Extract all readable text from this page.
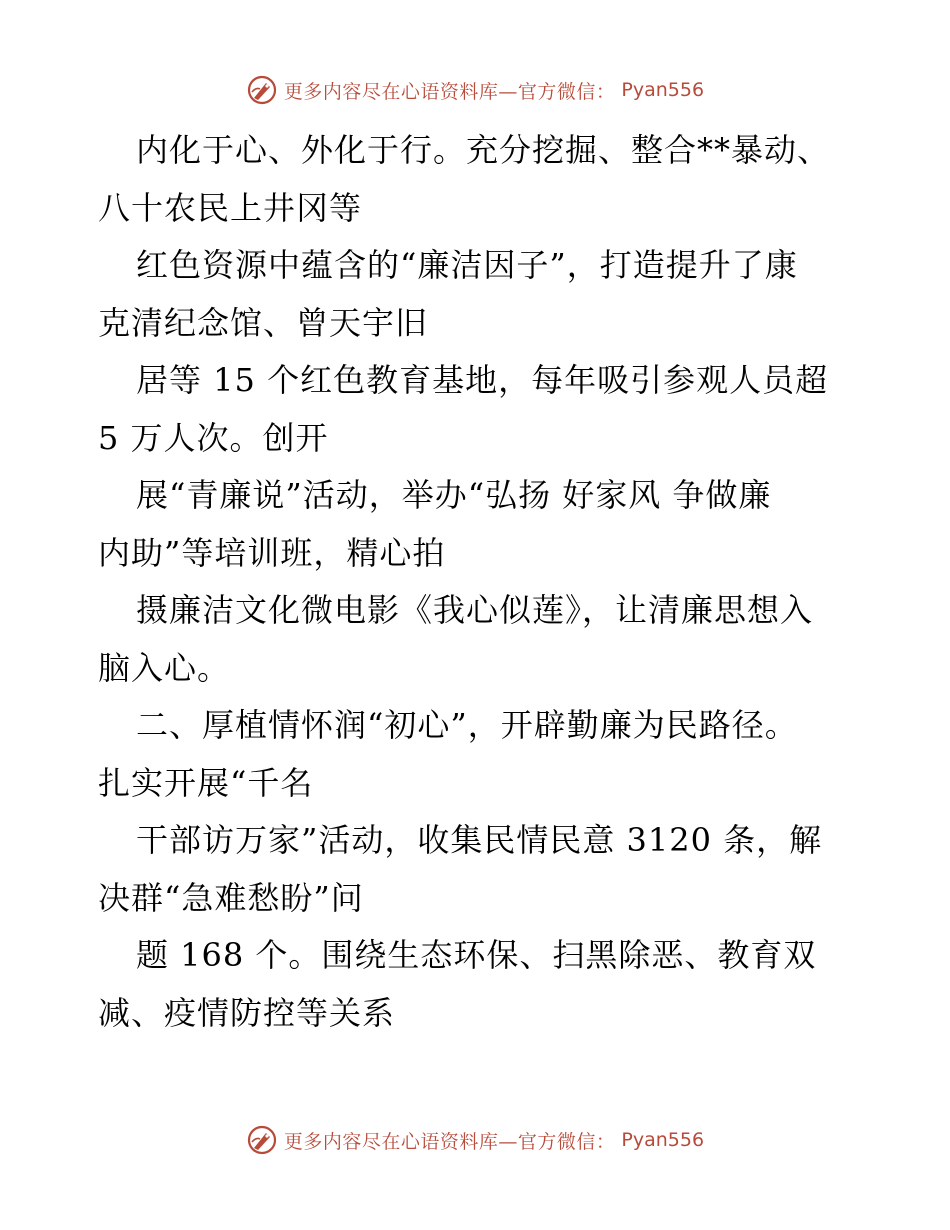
更多内容尽在心语资料库—官方微信： Pyan556
内化于心、外化于行。充分挖掘、整合**暴动、
八十农民上井冈等
红色资源中蕴含的“廉洁因子”，打造提升了康
克清纪念馆、曾天宇旧
居等 15 个红色教育基地，每年吸引参观人员超
5 万人次。创开
展“青廉说”活动，举办“弘扬 好家风 争做廉
内助”等培训班，精心拍
摄廉洁文化微电影《我心似莲》，让清廉思想入
脑入心。
二、厚植情怀润“初心”，开辟勤廉为民路径。
扎实开展“千名
干部访万家”活动，收集民情民意 3120 条，解
决群“急难愁盼”问
题 168 个。围绕生态环保、扫黑除恶、教育双
减、疫情防控等关系
更多内容尽在心语资料库—官方微信： Pyan556
